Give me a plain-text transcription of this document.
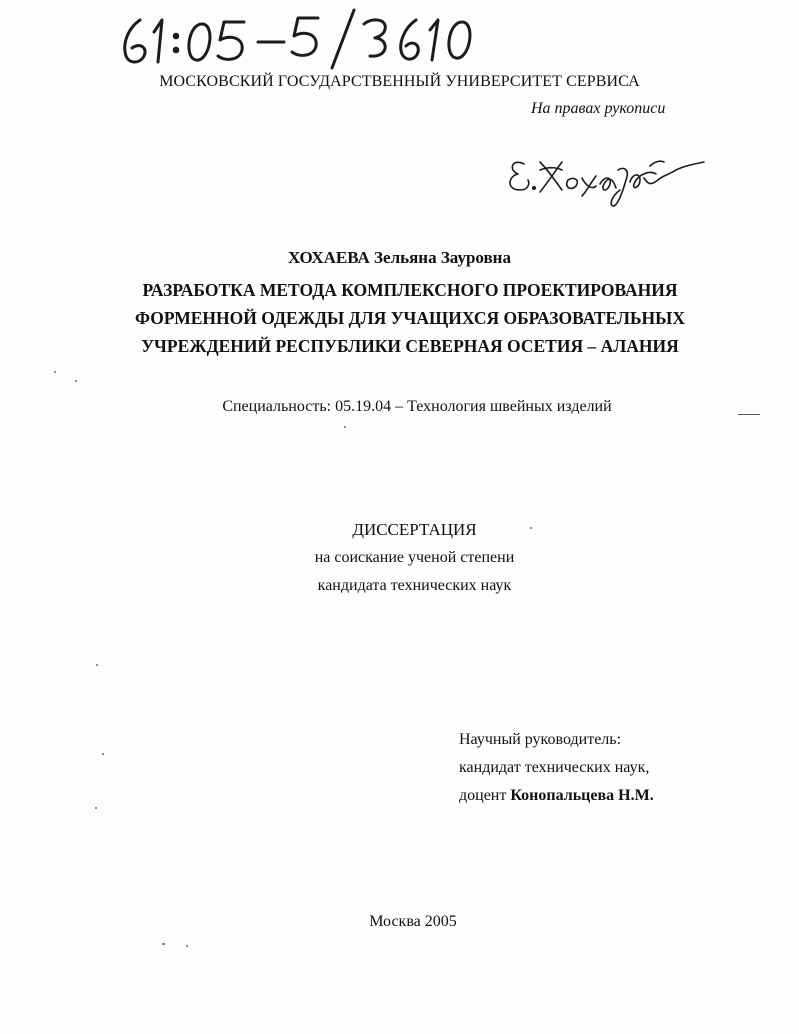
МОСКОВСКИЙ ГОСУДАРСТВЕННЫЙ УНИВЕРСИТЕТ СЕРВИСА
На правах рукописи
ХОХАЕВА Зельяна Зауровна
РАЗРАБОТКА МЕТОДА КОМПЛЕКСНОГО ПРОЕКТИРОВАНИЯ
ФОРМЕННОЙ ОДЕЖДЫ ДЛЯ УЧАЩИХСЯ ОБРАЗОВАТЕЛЬНЫХ
УЧРЕЖДЕНИЙ РЕСПУБЛИКИ СЕВЕРНАЯ ОСЕТИЯ – АЛАНИЯ
Специальность: 05.19.04 – Технология швейных изделий
ДИССЕРТАЦИЯ
на соискание ученой степени
кандидата технических наук
Научный руководитель:
кандидат технических наук,
доцент Конопальцева Н.М.
Москва 2005
